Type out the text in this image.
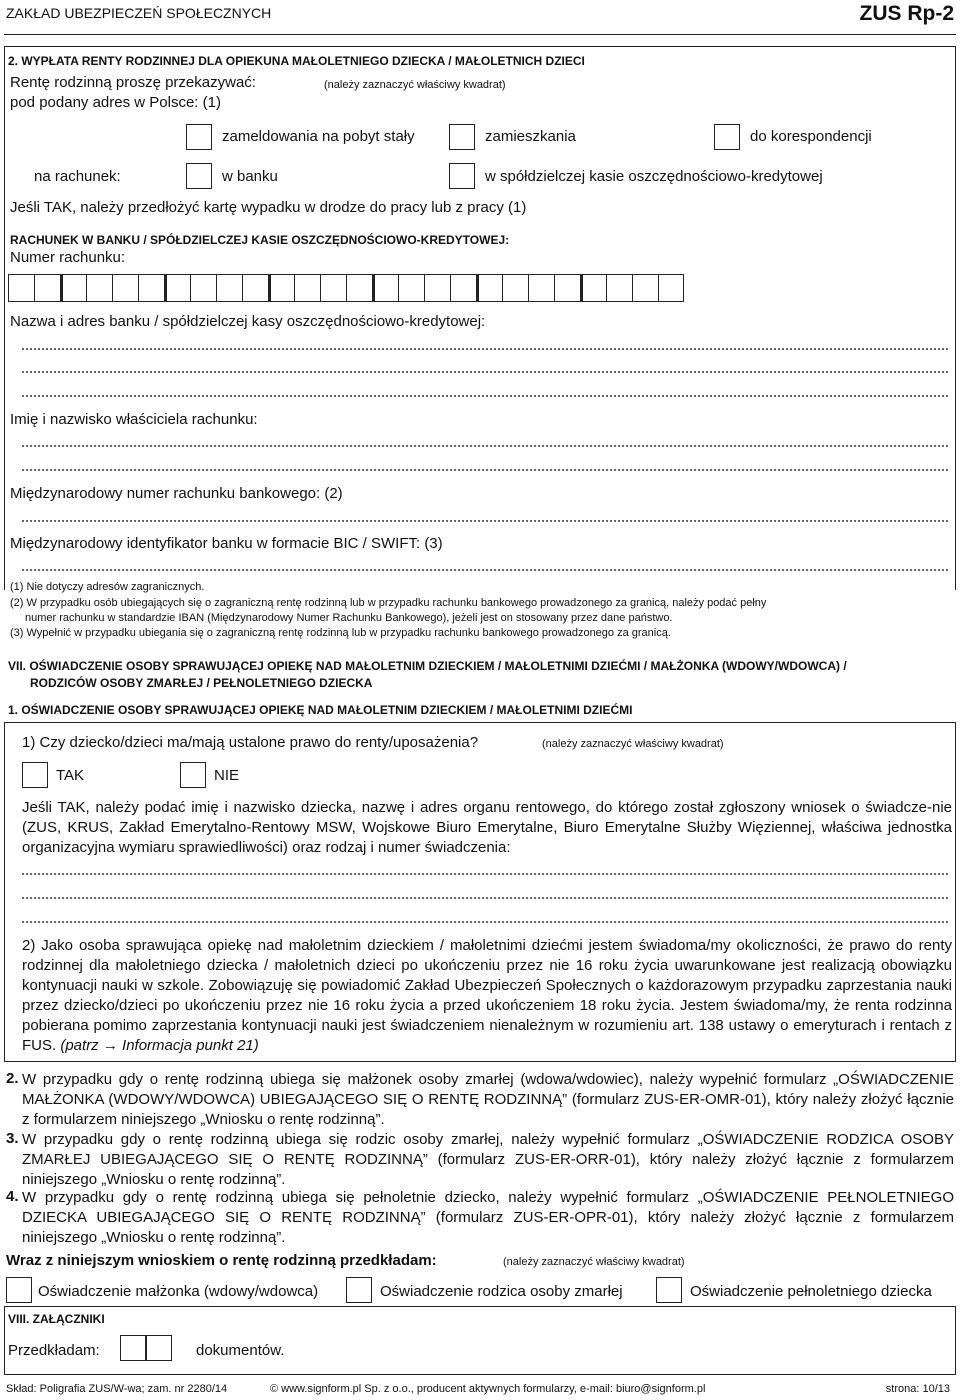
ZAKŁAD UBEZPIECZEŃ SPOŁECZNYCH	ZUS Rp-2
2. WYPŁATA RENTY RODZINNEJ DLA OPIEKUNA MAŁOLETNIEGO DZIECKA / MAŁOLETNICH DZIECI
Rentę rodzinną proszę przekazywać:	(należy zaznaczyć właściwy kwadrat)
pod podany adres w Polsce: (1)
zameldowania na pobyt stały	zamieszkania	do korespondencji
na rachunek:	w banku	w spółdzielczej kasie oszczędnościowo-kredytowej
Jeśli TAK, należy przedłożyć kartę wypadku w drodze do pracy lub z pracy (1)
RACHUNEK W BANKU / SPÓŁDZIELCZEJ KASIE OSZCZĘDNOŚCIOWO-KREDYTOWEJ:
Numer rachunku:
Nazwa i adres banku / spółdzielczej kasy oszczędnościowo-kredytowej:
Imię i nazwisko właściciela rachunku:
Międzynarodowy numer rachunku bankowego: (2)
Międzynarodowy identyfikator banku w formacie BIC / SWIFT: (3)
(1) Nie dotyczy adresów zagranicznych.
(2) W przypadku osób ubiegających się o zagraniczną rentę rodzinną lub w przypadku rachunku bankowego prowadzonego za granicą, należy podać pełny
numer rachunku w standardzie IBAN (Międzynarodowy Numer Rachunku Bankowego), jeżeli jest on stosowany przez dane państwo.
(3) Wypełnić w przypadku ubiegania się o zagraniczną rentę rodzinną lub w przypadku rachunku bankowego prowadzonego za granicą.
VII. OŚWIADCZENIE OSOBY SPRAWUJĄCEJ OPIEKĘ NAD MAŁOLETNIM DZIECKIEM / MAŁOLETNIMI DZIEĆMI / MAŁŻONKA (WDOWY/WDOWCA) /
RODZICÓW OSOBY ZMARŁEJ / PEŁNOLETNIEGO DZIECKA
1. OŚWIADCZENIE OSOBY SPRAWUJĄCEJ OPIEKĘ NAD MAŁOLETNIM DZIECKIEM / MAŁOLETNIMI DZIEĆMI
1) Czy dziecko/dzieci ma/mają ustalone prawo do renty/uposażenia?	(należy zaznaczyć właściwy kwadrat)
TAK	NIE
Jeśli TAK, należy podać imię i nazwisko dziecka, nazwę i adres organu rentowego, do którego został zgłoszony wniosek o świadcze-nie (ZUS, KRUS, Zakład Emerytalno-Rentowy MSW, Wojskowe Biuro Emerytalne, Biuro Emerytalne Służby Więziennej, właściwa jednostka organizacyjna wymiaru sprawiedliwości) oraz rodzaj i numer świadczenia:
2) Jako osoba sprawująca opiekę nad małoletnim dzieckiem / małoletnimi dziećmi jestem świadoma/my okoliczności, że prawo do renty rodzinnej dla małoletniego dziecka / małoletnich dzieci po ukończeniu przez nie 16 roku życia uwarunkowane jest realizacją obowiązku kontynuacji nauki w szkole. Zobowiązuję się powiadomić Zakład Ubezpieczeń Społecznych o każdorazowym przypadku zaprzestania nauki przez dziecko/dzieci po ukończeniu przez nie 16 roku życia a przed ukończeniem 18 roku życia. Jestem świadoma/my, że renta rodzinna pobierana pomimo zaprzestania kontynuacji nauki jest świadczeniem nienależnym w rozumieniu art. 138 ustawy o emeryturach i rentach z FUS. (patrz → Informacja punkt 21)
2. W przypadku gdy o rentę rodzinną ubiega się małżonek osoby zmarłej (wdowa/wdowiec), należy wypełnić formularz „OŚWIADCZENIE MAŁŻONKA (WDOWY/WDOWCA) UBIEGAJĄCEGO SIĘ O RENTĘ RODZINNĄ” (formularz ZUS-ER-OMR-01), który należy złożyć łącznie z formularzem niniejszego „Wniosku o rentę rodzinną”.
3. W przypadku gdy o rentę rodzinną ubiega się rodzic osoby zmarłej, należy wypełnić formularz „OŚWIADCZENIE RODZICA OSOBY ZMARŁEJ UBIEGAJĄCEGO SIĘ O RENTĘ RODZINNĄ” (formularz ZUS-ER-ORR-01), który należy złożyć łącznie z formularzem niniejszego „Wniosku o rentę rodzinną”.
4. W przypadku gdy o rentę rodzinną ubiega się pełnoletnie dziecko, należy wypełnić formularz „OŚWIADCZENIE PEŁNOLETNIEGO DZIECKA UBIEGAJĄCEGO SIĘ O RENTĘ RODZINNĄ” (formularz ZUS-ER-OPR-01), który należy złożyć łącznie z formularzem niniejszego „Wniosku o rentę rodzinną”.
Wraz z niniejszym wnioskiem o rentę rodzinną przedkładam:	(należy zaznaczyć właściwy kwadrat)
Oświadczenie małżonka (wdowy/wdowca)	Oświadczenie rodzica osoby zmarłej	Oświadczenie pełnoletniego dziecka
VIII. ZAŁĄCZNIKI
Przedkładam:	dokumentów.
Skład: Poligrafia ZUS/W-wa; zam. nr 2280/14	© www.signform.pl Sp. z o.o., producent aktywnych formularzy, e-mail: biuro@signform.pl	strona: 10/13
